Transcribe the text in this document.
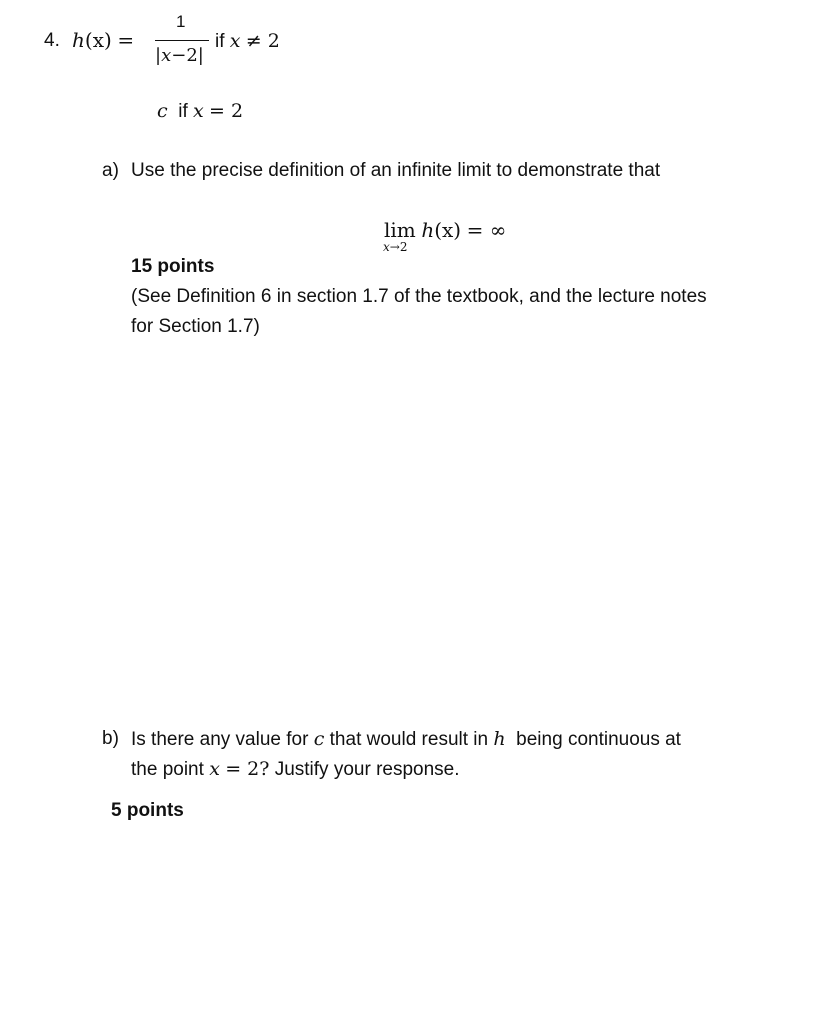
4. h(x) =
1
|x−2|
if x ≠ 2
c if x = 2
a) Use the precise definition of an infinite limit to demonstrate that
lim h(x) = ∞
x→2
15 points
(See Definition 6 in section 1.7 of the textbook, and the lecture notes
for Section 1.7)
b) Is there any value for c that would result in h being continuous at
the point x = 2? Justify your response.
5 points
